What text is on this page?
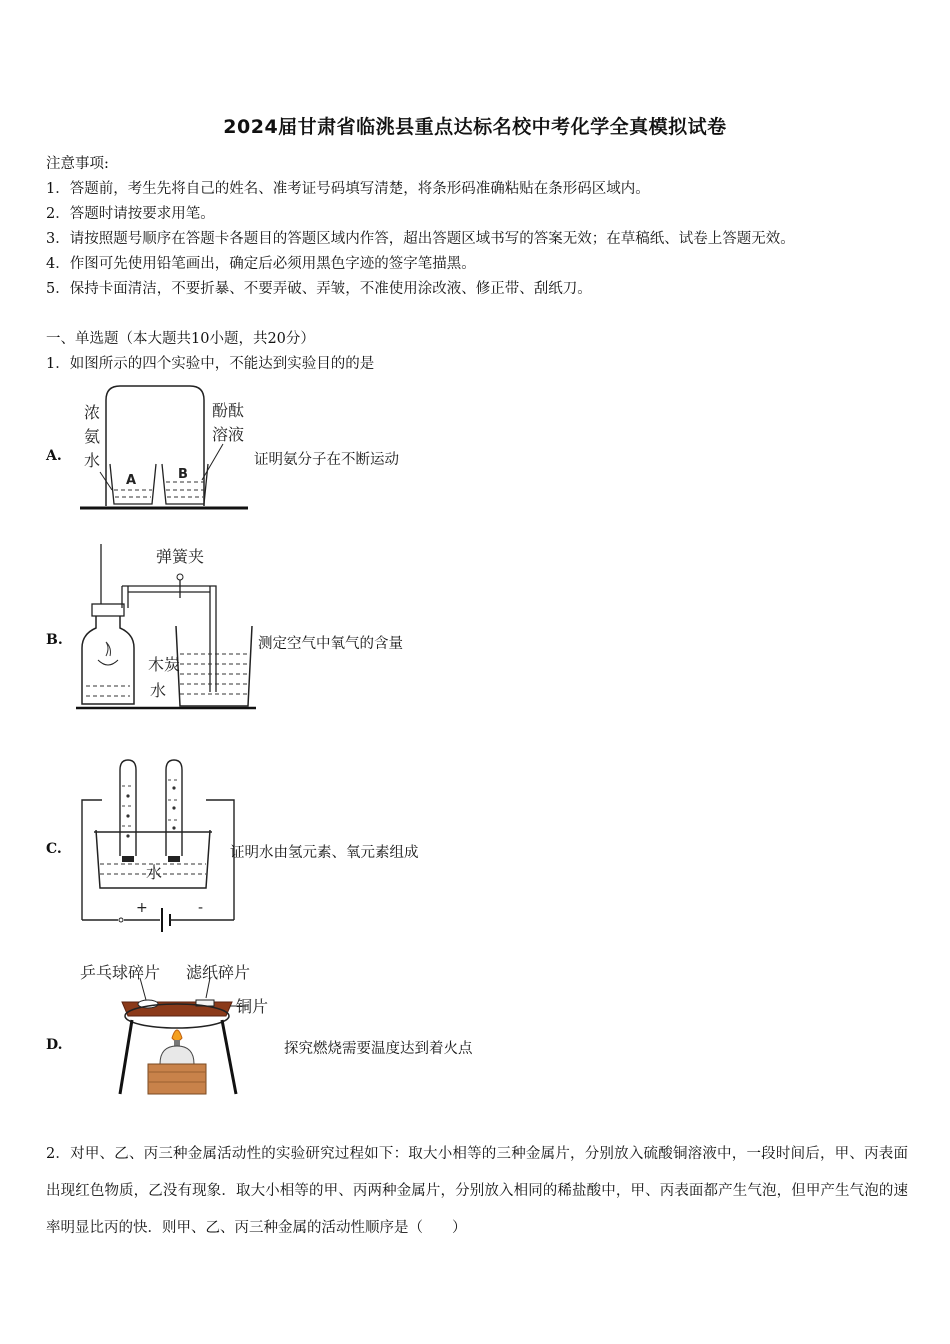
2024届甘肃省临洮县重点达标名校中考化学全真模拟试卷
注意事项:
1．答题前，考生先将自己的姓名、准考证号码填写清楚，将条形码准确粘贴在条形码区域内。
2．答题时请按要求用笔。
3．请按照题号顺序在答题卡各题目的答题区域内作答，超出答题区域书写的答案无效；在草稿纸、试卷上答题无效。
4．作图可先使用铅笔画出，确定后必须用黑色字迹的签字笔描黑。
5．保持卡面清洁，不要折暴、不要弄破、弄皱，不准使用涂改液、修正带、刮纸刀。
一、单选题（本大题共10小题，共20分）
1．如图所示的四个实验中，不能达到实验目的的是
A.
浓
氨
水
酚酞
溶液
A	B
证明氨分子在不断运动
B.
弹簧夹
木炭
水
测定空气中氧气的含量
C.
水
+	-
证明水由氢元素、氧元素组成
D.
乒乓球碎片 滤纸碎片
铜片
探究燃烧需要温度达到着火点
2．对甲、乙、丙三种金属活动性的实验研究过程如下：取大小相等的三种金属片，分别放入硫酸铜溶液中，一段时间后，甲、丙表面出现红色物质，乙没有现象．取大小相等的甲、丙两种金属片，分别放入相同的稀盐酸中，甲、丙表面都产生气泡，但甲产生气泡的速率明显比丙的快．则甲、乙、丙三种金属的活动性顺序是（　　）
